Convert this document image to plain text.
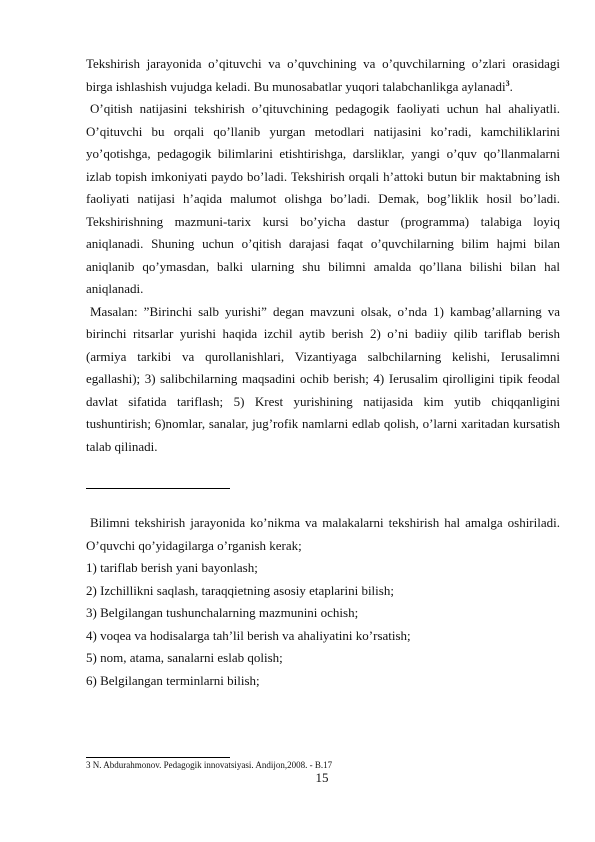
Tekshirish jarayonida o’qituvchi va o’quvchining va o’quvchilarning o’zlari orasidagi birga ishlashish vujudga keladi. Bu munosabatlar yuqori talabchanlikga aylanadi$^3$.

O’qitish natijasini tekshirish o’qituvchining pedagogik faoliyati uchun hal ahaliyatli. O’qituvchi bu orqali qo’llanib yurgan metodlari natijasini ko’radi, kamchiliklarini yo’qotishga, pedagogik bilimlarini etishtirishga, darsliklar, yangi o’quv qo’llanmalarni izlab topish imkoniyati paydo bo’ladi. Tekshirish orqali h’attoki butun bir maktabning ish faoliyati natijasi h’aqida malumot olishga bo’ladi. Demak, bog’liklik hosil bo’ladi. Tekshirishning mazmuni-tarix kursi bo’yicha dastur (programma) talabiga loyiq aniqlanadi. Shuning uchun o’qitish darajasi faqat o’quvchilarning bilim hajmi bilan aniqlanib qo’ymasdan, balki ularning shu bilimni amalda qo’llana bilishi bilan hal aniqlanadi.

Masalan: ”Birinchi salb yurishi” degan mavzuni olsak, o’nda 1) kambag’allarning va birinchi ritsarlar yurishi haqida izchil aytib berish 2) o’ni badiiy qilib tariflab berish (armiya tarkibi va qurollanishlari, Vizantiyaga salbchilarning kelishi, Ierusalimni egallashi); 3) salibchilarning maqsadini ochib berish; 4) Ierusalim qirolligini tipik feodal davlat sifatida tariflash; 5) Krest yurishining natijasida kim yutib chiqqanligini tushuntirish; 6)nomlar, sanalar, jug’rofik namlarni edlab qolish, o’larni xaritadan kursatish talab qilinadi.

Bilimni tekshirish jarayonida ko’nikma va malakalarni tekshirish hal amalga oshiriladi. O’quvchi qo’yidagilarga o’rganish kerak;

1) tariflab berish yani bayonlash;

2) Izchillikni saqlash, taraqqietning asosiy etaplarini bilish;

3) Belgilangan tushunchalarning mazmunini ochish;

4) voqea va hodisalarga tah’lil berish va ahaliyatini ko’rsatish;

5) nom, atama, sanalarni eslab qolish;

6) Belgilangan terminlarni bilish;

3 N. Abdurahmonov. Pedagogik innovatsiyasi. Andijon,2008. - B.17
15
